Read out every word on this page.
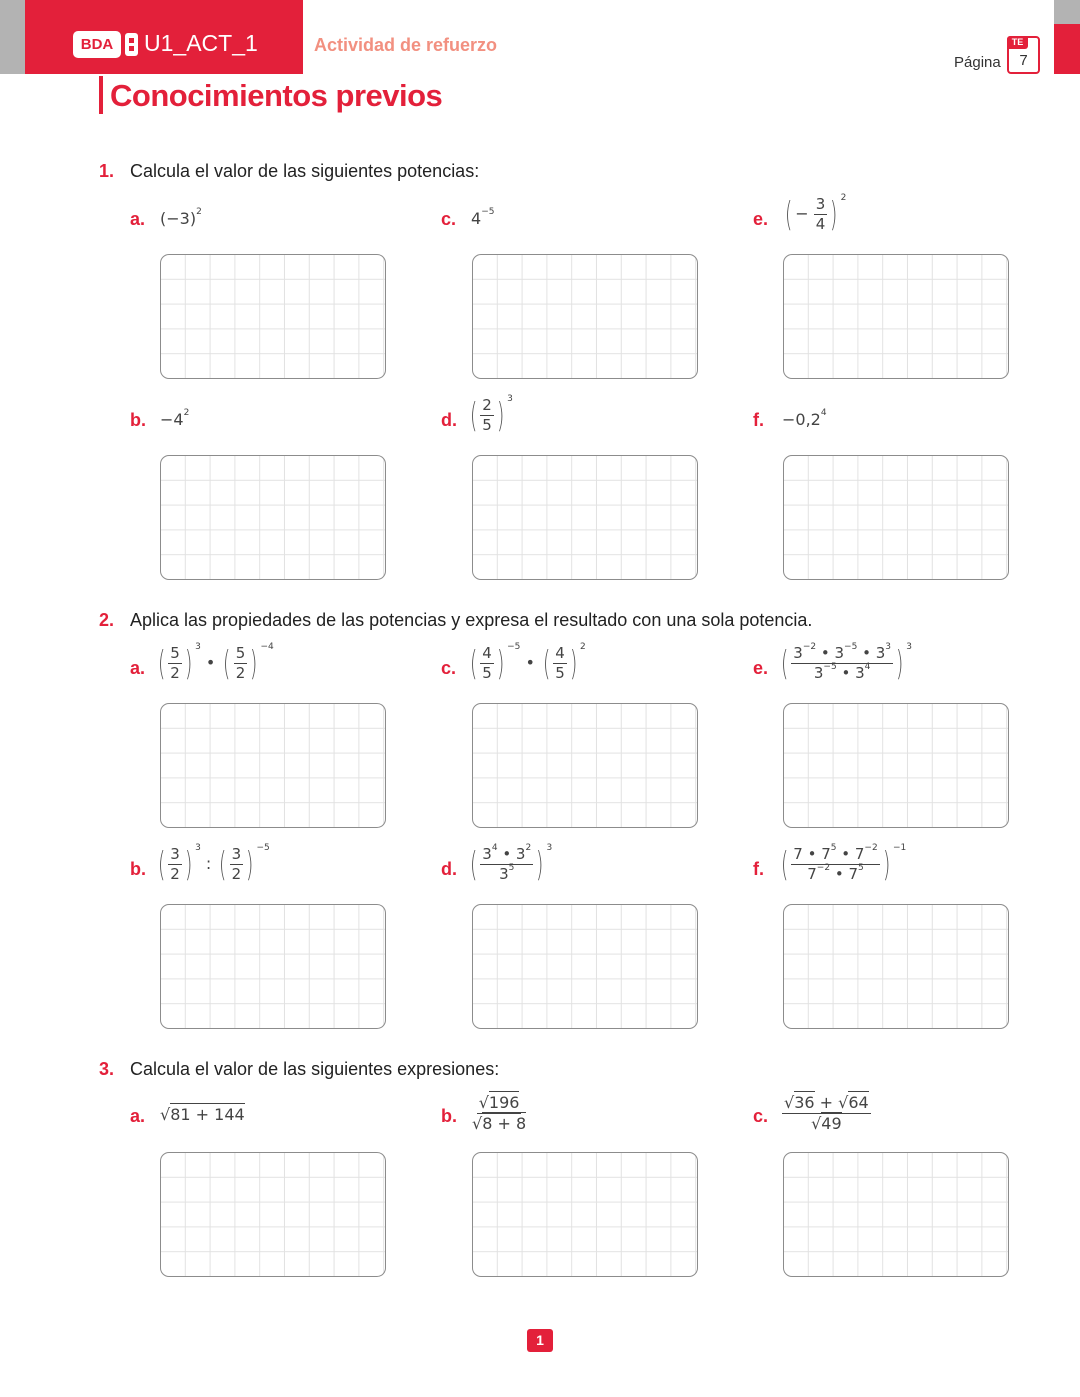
BDA	U1_ACT_1	Actividad de refuerzo
Página
TE
7
Conocimientos previos
1. Calcula el valor de las siguientes potencias:
a. $(-3)^2$	c. $4^{-5}$	e. ( − $\frac{3}{4}$ ) $^2$
b. $-4^2$	d. ( $\frac{2}{5}$ ) $^3$
f. $-0,2^4$
2. Aplica las propiedades de las potencias y expresa el resultado con una sola potencia.
a. ( $\frac{5}{2}$ ) $^3$ • ( $\frac{5}{2}$ ) $^{-4}$
c. ( $\frac{4}{5}$ ) $^{-5}$ • ( $\frac{4}{5}$ ) $^2$
e. ( $\frac{3^{-2} • 3^{-5} • 3^3}{3^{-5} • 3^4}$ ) $^3$
b. ( $\frac{3}{2}$ ) $^3$ : ( $\frac{3}{2}$ ) $^{-5}$
d. ( $\frac{3^4 • 3^2}{3^5}$ ) $^3$
f. ( $\frac{7 • 7^5 • 7^{-2}}{7^{-2} • 7^5}$ ) $^{-1}$
3. Calcula el valor de las siguientes expresiones:
a. √81 + 144	b. $\frac{√196}{√8 + 8}$	c. $\frac{√36 + √64}{√49}$
1
